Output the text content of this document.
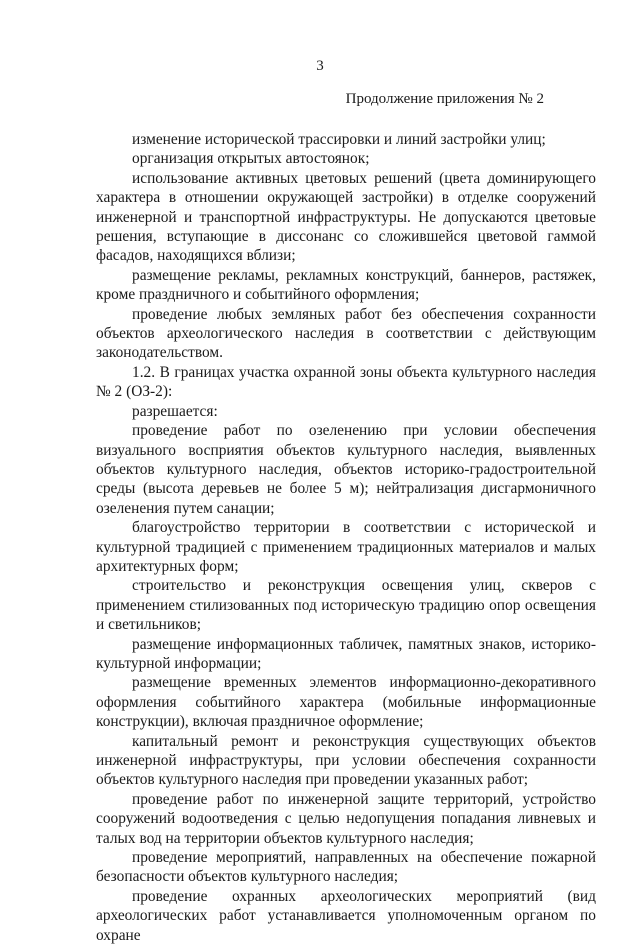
3
Продолжение приложения № 2

изменение исторической трассировки и линий застройки улиц;

организация открытых автостоянок;

использование активных цветовых решений (цвета доминирующего характера в отношении окружающей застройки) в отделке сооружений инженерной и транспортной инфраструктуры. Не допускаются цветовые решения, вступающие в диссонанс со сложившейся цветовой гаммой фасадов, находящихся вблизи;

размещение рекламы, рекламных конструкций, баннеров, растяжек, кроме праздничного и событийного оформления;

проведение любых земляных работ без обеспечения сохранности объектов археологического наследия в соответствии с действующим законодательством.

1.2. В границах участка охранной зоны объекта культурного наследия № 2 (ОЗ-2):

разрешается:

проведение работ по озеленению при условии обеспечения визуального восприятия объектов культурного наследия, выявленных объектов культурного наследия, объектов историко-градостроительной среды (высота деревьев не более 5 м); нейтрализация дисгармоничного озеленения путем санации;

благоустройство территории в соответствии с исторической и культурной традицией с применением традиционных материалов и малых архитектурных форм;

строительство и реконструкция освещения улиц, скверов с применением стилизованных под историческую традицию опор освещения и светильников;

размещение информационных табличек, памятных знаков, историко-культурной информации;

размещение временных элементов информационно-декоративного оформления событийного характера (мобильные информационные конструкции), включая праздничное оформление;

капитальный ремонт и реконструкция существующих объектов инженерной инфраструктуры, при условии обеспечения сохранности объектов культурного наследия при проведении указанных работ;

проведение работ по инженерной защите территорий, устройство сооружений водоотведения с целью недопущения попадания ливневых и талых вод на территории объектов культурного наследия;

проведение мероприятий, направленных на обеспечение пожарной безопасности объектов культурного наследия;

проведение охранных археологических мероприятий (вид археологических работ устанавливается уполномоченным органом по охране
